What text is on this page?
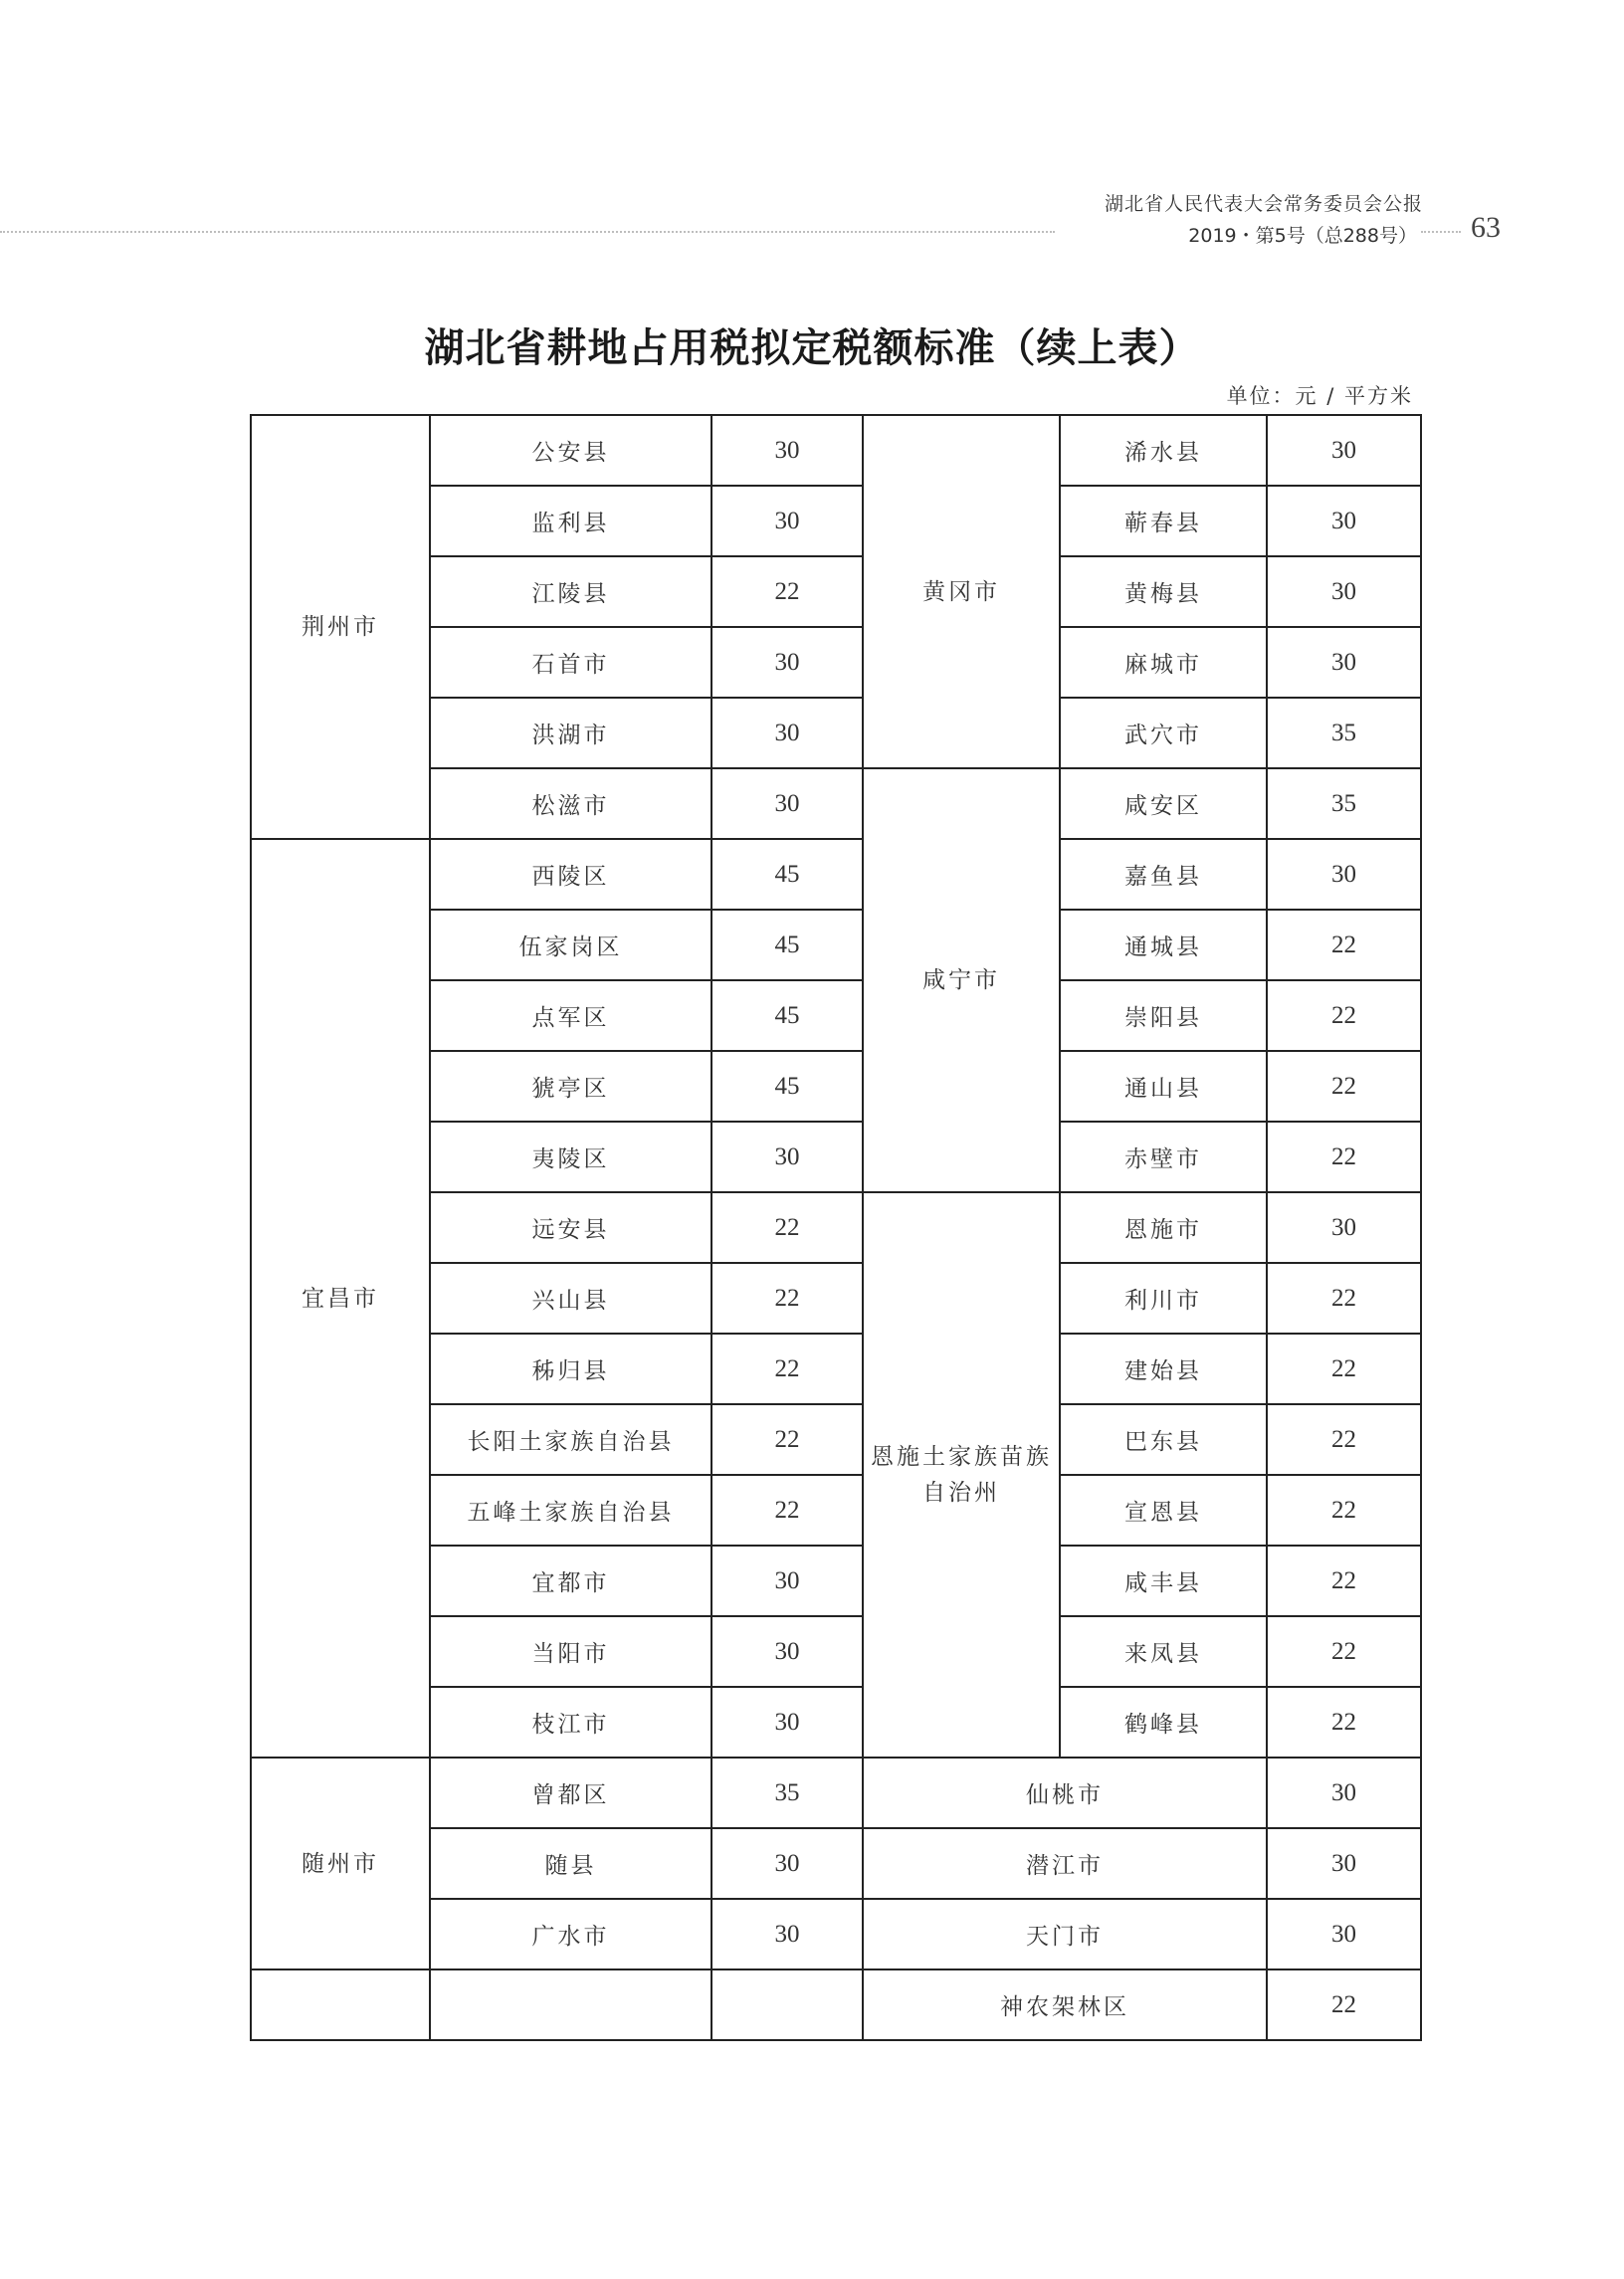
湖北省人民代表大会常务委员会公报
2019・第5号（总288号） 63
湖北省耕地占用税拟定税额标准（续上表）
单位：元 / 平方米
荆州市	公安县	30	黄冈市	浠水县	30
	监利县	30		蕲春县	30
	江陵县	22		黄梅县	30
	石首市	30		麻城市	30
	洪湖市	30		武穴市	35
	松滋市	30	咸宁市	咸安区	35
宜昌市	西陵区	45		嘉鱼县	30
	伍家岗区	45		通城县	22
	点军区	45		崇阳县	22
	猇亭区	45		通山县	22
	夷陵区	30		赤壁市	22
	远安县	22	恩施土家族苗族自治州	恩施市	30
	兴山县	22		利川市	22
	秭归县	22		建始县	22
	长阳土家族自治县	22		巴东县	22
	五峰土家族自治县	22		宣恩县	22
	宜都市	30		咸丰县	22
	当阳市	30		来凤县	22
	枝江市	30		鹤峰县	22
随州市	曾都区	35	仙桃市		30
	随县	30	潜江市		30
	广水市	30	天门市		30
			神农架林区		22
